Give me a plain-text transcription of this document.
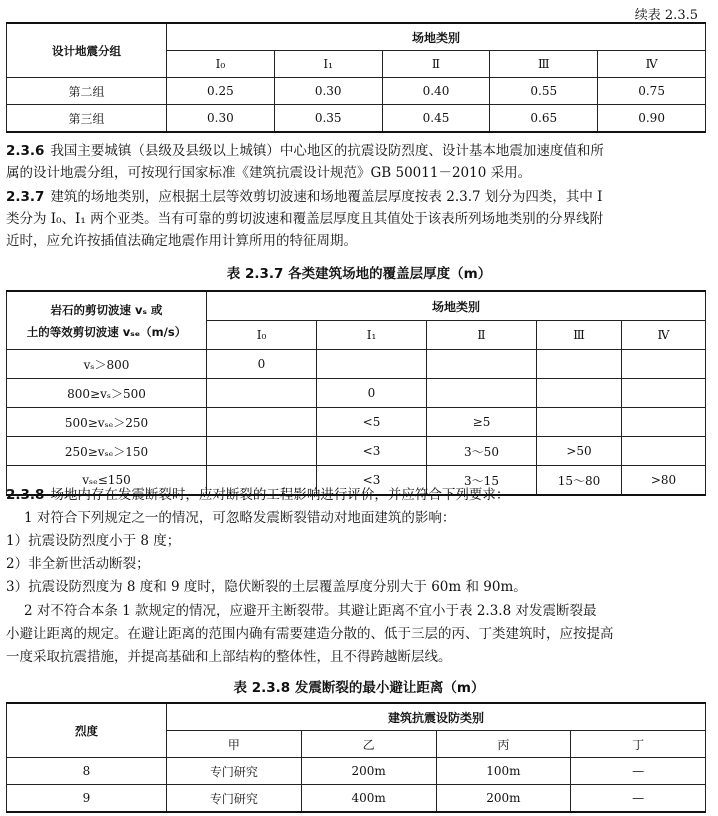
续表 2.3.5
设计地震分组	场地类别				
	I₀	I₁	Ⅱ	Ⅲ	Ⅳ
第二组	0.25	0.30	0.40	0.55	0.75
第三组	0.30	0.35	0.45	0.65	0.90
2.3.6 我国主要城镇（县级及县级以上城镇）中心地区的抗震设防烈度、设计基本地震加速度值和所
属的设计地震分组，可按现行国家标准《建筑抗震设计规范》GB 50011－2010 采用。
2.3.7 建筑的场地类别，应根据土层等效剪切波速和场地覆盖层厚度按表 2.3.7 划分为四类，其中 I
类分为 I₀、I₁ 两个亚类。当有可靠的剪切波速和覆盖层厚度且其值处于该表所列场地类别的分界线附
近时，应允许按插值法确定地震作用计算所用的特征周期。
表 2.3.7 各类建筑场地的覆盖层厚度（m）
岩石的剪切波速 vₛ 或
土的等效剪切波速 vₛₑ（m/s）	场地类别				
	I₀	I₁	Ⅱ	Ⅲ	Ⅳ
vₛ＞800	0				
800≥vₛ＞500		0			
500≥vₛₑ＞250		<5	≥5		
250≥vₛₑ＞150		<3	3～50	>50	
vₛₑ≤150		<3	3～15	15～80	>80
2.3.8 场地内存在发震断裂时，应对断裂的工程影响进行评价，并应符合下列要求：
1 对符合下列规定之一的情况，可忽略发震断裂错动对地面建筑的影响：
1）抗震设防烈度小于 8 度；
2）非全新世活动断裂；
3）抗震设防烈度为 8 度和 9 度时，隐伏断裂的土层覆盖厚度分别大于 60m 和 90m。
2 对不符合本条 1 款规定的情况，应避开主断裂带。其避让距离不宜小于表 2.3.8 对发震断裂最
小避让距离的规定。在避让距离的范围内确有需要建造分散的、低于三层的丙、丁类建筑时，应按提高
一度采取抗震措施，并提高基础和上部结构的整体性，且不得跨越断层线。
表 2.3.8 发震断裂的最小避让距离（m）
烈度	建筑抗震设防类别			
	甲	乙	丙	丁
8	专门研究	200m	100m	—
9	专门研究	400m	200m	—
